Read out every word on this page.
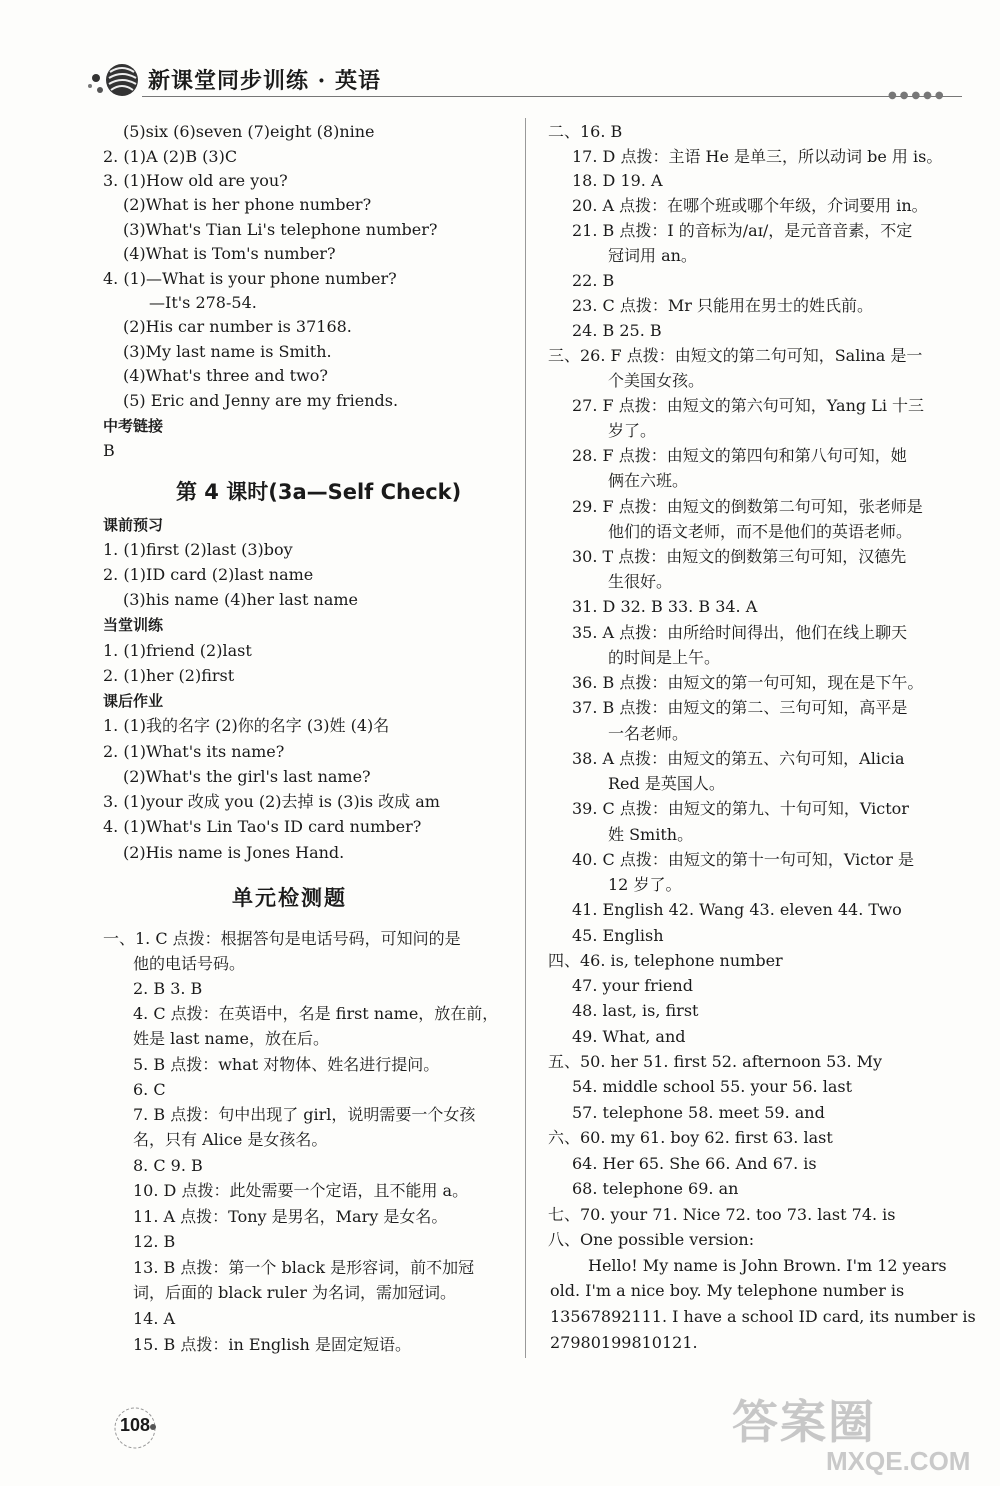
新课堂同步训练 · 英语
●●●●●
(5)six (6)seven (7)eight (8)nine
2. (1)A (2)B (3)C
3. (1)How old are you?
(2)What is her phone number?
(3)What's Tian Li's telephone number?
(4)What is Tom's number?
4. (1)—What is your phone number?
—It's 278-54.
(2)His car number is 37168.
(3)My last name is Smith.
(4)What's three and two?
(5) Eric and Jenny are my friends.
中考链接
B
第 4 课时(3a—Self Check)
课前预习
1. (1)first (2)last (3)boy
2. (1)ID card (2)last name
(3)his name (4)her last name
当堂训练
1. (1)friend (2)last
2. (1)her (2)first
课后作业
1. (1)我的名字 (2)你的名字 (3)姓 (4)名
2. (1)What's its name?
(2)What's the girl's last name?
3. (1)your 改成 you (2)去掉 is (3)is 改成 am
4. (1)What's Lin Tao's ID card number?
(2)His name is Jones Hand.
单元检测题
一、1. C 点拨：根据答句是电话号码，可知问的是
他的电话号码。
2. B 3. B
4. C 点拨：在英语中，名是 first name，放在前，
姓是 last name，放在后。
5. B 点拨：what 对物体、姓名进行提问。
6. C
7. B 点拨：句中出现了 girl，说明需要一个女孩
名，只有 Alice 是女孩名。
8. C 9. B
10. D 点拨：此处需要一个定语，且不能用 a。
11. A 点拨：Tony 是男名，Mary 是女名。
12. B
13. B 点拨：第一个 black 是形容词，前不加冠
词，后面的 black ruler 为名词，需加冠词。
14. A
15. B 点拨：in English 是固定短语。
二、16. B
17. D 点拨：主语 He 是单三，所以动词 be 用 is。
18. D 19. A
20. A 点拨：在哪个班或哪个年级，介词要用 in。
21. B 点拨：I 的音标为/aɪ/，是元音音素，不定
冠词用 an。
22. B
23. C 点拨：Mr 只能用在男士的姓氏前。
24. B 25. B
三、26. F 点拨：由短文的第二句可知，Salina 是一
个美国女孩。
27. F 点拨：由短文的第六句可知，Yang Li 十三
岁了。
28. F 点拨：由短文的第四句和第八句可知，她
俩在六班。
29. F 点拨：由短文的倒数第二句可知，张老师是
他们的语文老师，而不是他们的英语老师。
30. T 点拨：由短文的倒数第三句可知，汉德先
生很好。
31. D 32. B 33. B 34. A
35. A 点拨：由所给时间得出，他们在线上聊天
的时间是上午。
36. B 点拨：由短文的第一句可知，现在是下午。
37. B 点拨：由短文的第二、三句可知，高平是
一名老师。
38. A 点拨：由短文的第五、六句可知，Alicia
Red 是英国人。
39. C 点拨：由短文的第九、十句可知，Victor
姓 Smith。
40. C 点拨：由短文的第十一句可知，Victor 是
12 岁了。
41. English 42. Wang 43. eleven 44. Two
45. English
四、46. is, telephone number
47. your friend
48. last, is, first
49. What, and
五、50. her 51. first 52. afternoon 53. My
54. middle school 55. your 56. last
57. telephone 58. meet 59. and
六、60. my 61. boy 62. first 63. last
64. Her 65. She 66. And 67. is
68. telephone 69. an
七、70. your 71. Nice 72. too 73. last 74. is
八、One possible version:
Hello! My name is John Brown. I'm 12 years
old. I'm a nice boy. My telephone number is
13567892111. I have a school ID card, its number is
27980199810121.
108	答案圈
MXQE.COM
